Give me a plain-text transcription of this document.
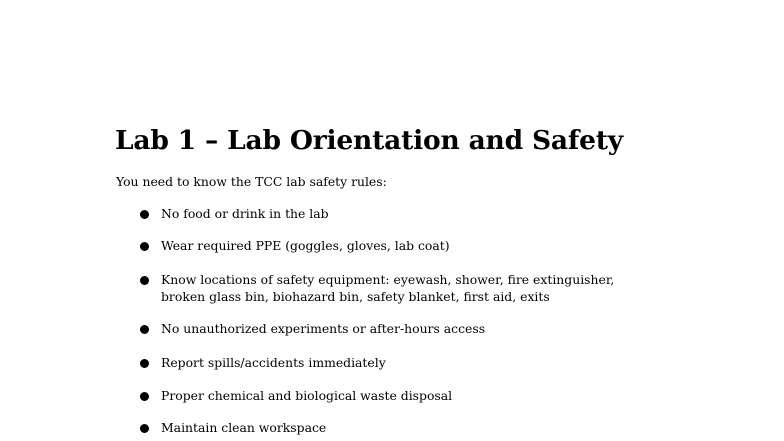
Lab 1 – Lab Orientation and Safety

You need to know the TCC lab safety rules:

No food or drink in the lab
Wear required PPE (goggles, gloves, lab coat)
Know locations of safety equipment: eyewash, shower, fire extinguisher, broken glass bin, biohazard bin, safety blanket, first aid, exits
No unauthorized experiments or after-hours access
Report spills/accidents immediately
Proper chemical and biological waste disposal
Maintain clean workspace
